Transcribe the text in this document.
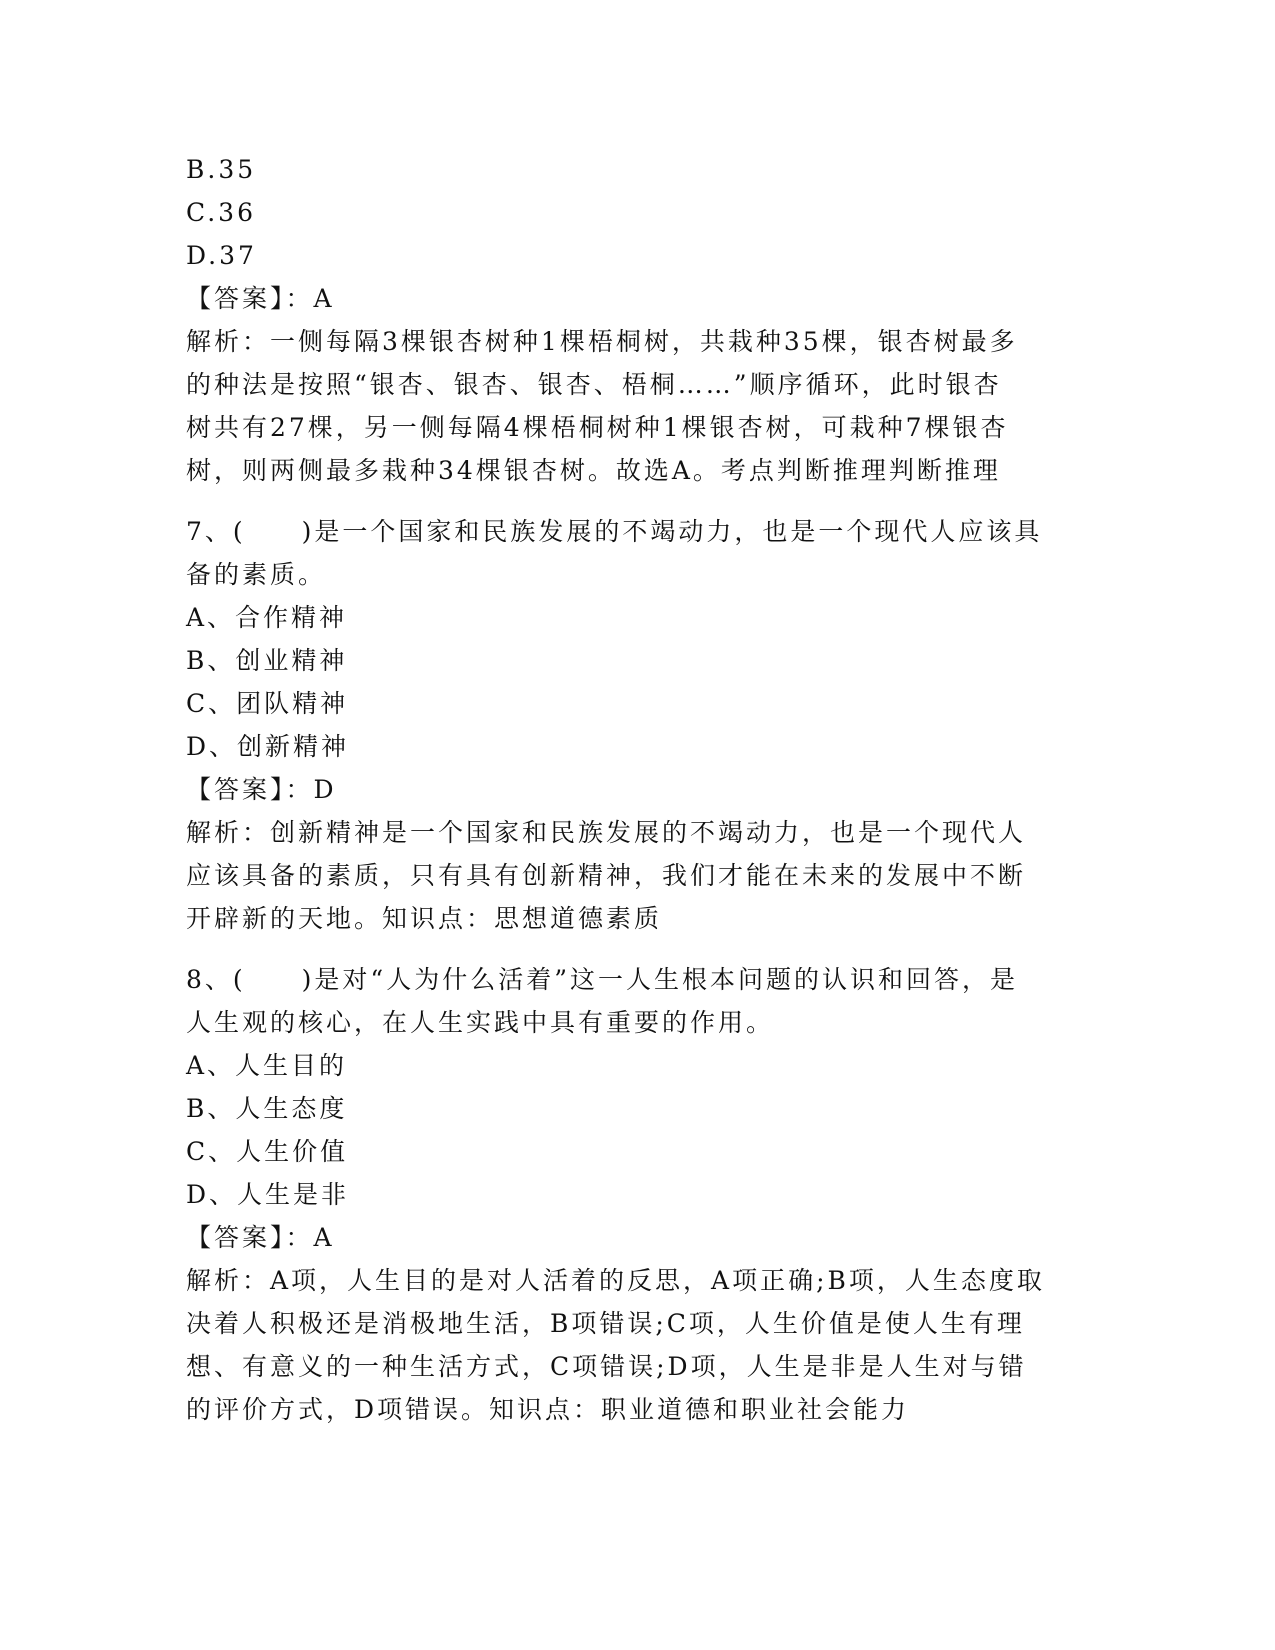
B.35
C.36
D.37
【答案】：A
解析：一侧每隔3棵银杏树种1棵梧桐树，共栽种35棵，银杏树最多
的种法是按照“银杏、银杏、银杏、梧桐……”顺序循环，此时银杏
树共有27棵，另一侧每隔4棵梧桐树种1棵银杏树，可栽种7棵银杏
树，则两侧最多栽种34棵银杏树。故选A。考点判断推理判断推理
7、(　　)是一个国家和民族发展的不竭动力，也是一个现代人应该具
备的素质。
A、合作精神
B、创业精神
C、团队精神
D、创新精神
【答案】：D
解析：创新精神是一个国家和民族发展的不竭动力，也是一个现代人
应该具备的素质，只有具有创新精神，我们才能在未来的发展中不断
开辟新的天地。知识点：思想道德素质
8、(　　)是对“人为什么活着”这一人生根本问题的认识和回答，是
人生观的核心，在人生实践中具有重要的作用。
A、人生目的
B、人生态度
C、人生价值
D、人生是非
【答案】：A
解析：A项，人生目的是对人活着的反思，A项正确;B项，人生态度取
决着人积极还是消极地生活，B项错误;C项，人生价值是使人生有理
想、有意义的一种生活方式，C项错误;D项，人生是非是人生对与错
的评价方式，D项错误。知识点：职业道德和职业社会能力
